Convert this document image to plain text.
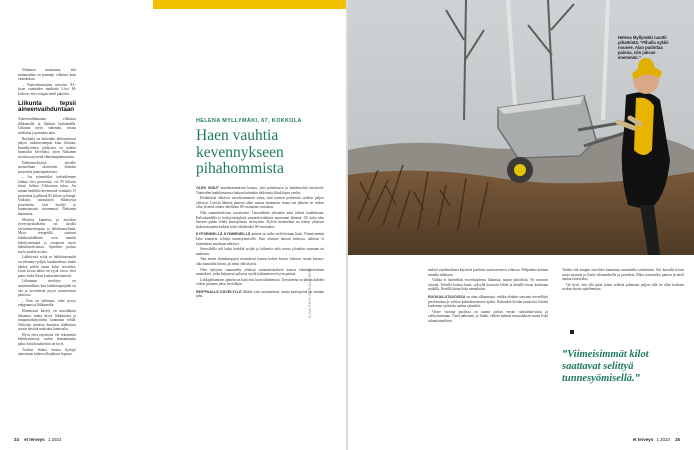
Niskanen muistuttaa, että mittanauhaa on parempi vilkaista kuin vaatekokoa.

– Vaatevalmistajien mitoitus XL-koon vaatteiden merkintä L:ksi M-kokoon, ettei ostajan mieli pahoittu.

Liikunta tepsii aineenvaihduntaan

Aineenvaihduntaan vilkastuu liikkumalla ja lihaksia käyttämällä. Liikunta myös vähentää, nostaa mielialaa ja parantaa unta.

Ruokailu on kuitenkin laihtumisessa paljon ratkaisevampaa kuin liikunta. Ihmediyetteen tuloksiset on todettu huonoiksi keveltiksi, joten Niskanen suosittaa pysyvää elämäntapamuutosta.

Diabeteriskisissä olevalle suositellaan aktiivisten elämien prosenttia painonpudotusta.

– Jos esimerkiksi tarkistilemme laihtua viisi prosenttia, voi 95 kiloista tiiraa, kehtaa 5-kiloisena tuloa. Jos saman henkilön kevennettä voimiäisi 15 prosenttia ja pikkutä 85 kiloon ja lämpä. Vaikutus sairauksien ehkäisyssä prosenttiin, ovat hyödyt jo huomattavasti suuremmat, Niskanen kannustaa.

Monissa kunnissa ja myöskin terveyskeskukselta on tarjolla ravitsemusterapiaa ja laihdutusryhmiä. Myös resepteillä saatavat laihdutuslääkkeet ovat mainitt kehittyneempiä ja suojaavat myös lääkärinvalvontaa. Apteekin pursun myös jotakin avuksi.

Lääkitysttä syöjä se laihdutusvauhti on edennnyt paljon kuukaudessa, mutta näiden pitkin aasaa kohti tavoitetta. Liian kovaa tahtia on syytä varoa, ettei paino laske liikaa kuntaonnistuneesti.

Liikunnan merkitys on suurimmillaan, kun laihdutusprojekti on ohi ja tavoitteena pysyä saavutetussa painossa.

– Kun on laihtunut, tulee pysyy valppaana ja liikkumalla.

Elämäsissä kävely on muodikasta liikuntaa, mutta myös liikkumista ja tasapainoharjoitteita kannattaa tehdä. Nykyisin monissa kunnissa ikäihmiset saavat käyttää maksutta kuntosalia.

Hyvä ettei rajoitteita ole tekemisiin kehittymisessä, mihin elämänkautta paluu kotiolosuhteisiin on hyvä.

Tuohon lisäksi tuntuu hyötyjä ainoastaan kaiken alkujakson lopussa.

HELENA MYLLYMÄKI, 67, KOKKOLA
Haen vauhtia kevennykseen pihahommista

OLEN SINUT maailmanmuistin kanssa, joka painokasvu ja diabetesriski miettyvtä. Vaatteiden hankkimisessa haluan kuitenkin ehdotusta liikakilojen vuoksi.

Keskittävät alkoivat vuosikymmenin sitten, kun naisten perheessä syöttiin paljon yleisesti. Laitoin lähinnä painoni alkoi nousta enemmän, mutta sen jälkeen on vaikea ollut yleensä ottaen oleellinen 80 vuotiaana vesialuon.

Olin suunnittelevana tavoitteena. Tanssitehtää yhtenänä mitä tehtiin kahdeksana. Kalvokaudella jo keskiyrittäjyksiä ympäröivistäinten nuorennut ikäänsä. Oli koko alue hirveen pakko tehdä kuntopiinoin terveyteen. Kylvöt menetelmä on tehnyt yhteisen kokonaisuuden kaikkia töitä välittäväksi 80-vuotiaaksi.

KYPSEMMILLÄ KYMMENEILLÄ painoa on tullut vielä hieman lisää. Viimeisimmät kilot saattavat selittyä tunnesyömisellä. Kun olimme tanssin tiedossa, tuloksia ei kuitenkaan juurikaan näkynyt.

Stressilöille tuli kaksi herkkiä syöjää ja hiilareita sekä sortua johonkin suuntaan tai makeaan.

Tein ennen elämäntapojen muutoksen kanssa kolme kertaa viikossa, mutta korona-aika kuntatilat kiinni, jäi tämä välistä pois.

Olen nykyisin suunniteltu yhdessä sairauskeskuksen kanssa elämänkertoimen muutokset, jotka kelpaavat jatkossa syödä laihtumiseen hyvin painoa.

Lukkijatkamisen ajattelu on kuin ensi kuun tähtäimissä. Tavoitteena on jaksaa kahden viikon pituinen jakso kerrallaan.

REIPPAALLE KÄVELYLLE lähden vain satunnaisesti, mutta kuntopyörä on sentään piha.	KUVA PÄIVI KARJALAINEN
Helena Myllymäki nauttii pihatöistä. ”Pihalla sykkii nousee. Alan pudottaa painoa, niin jaksan enemmän.”

melotä vuodenaikana käytössä puolisen tuntia monesti viikossa. Pelipolana kannan samalla telkkaria.

Vaikka ei haetteäkäs vuorokaudessa liikuntaa, nautin pihatöistä. Ne nostavat sykettä. Talvella kolaan lunta, syksyllä haravoin lehtiä ja kesällä rissan kotimaan mökillä. Kesällä laitan lisää nurmikoksi.

RUOKAILUTAVOISSA on aina vilkaamista, vaikka olenkin suosinut terveellistä perusruokaa jo valtion kaksinkertaisesti ajaksi. Kuitenkin levitän juustoista lehtien kuoleman syötävän raakaa salaatiksi.

Viime vuosina puolisoa on saanut jonkin verran ruokailutavoissa ja valikoinnistaan. Tästä jatketaan, ja lisään, välttää makeat naisuoluksen mutta lisää salaattiaineiksen.

Tiedän että kaupan ostoslista kannattaa suunnitella tarkemmin. Siis kassalla kovaa ravaa sijaintia ja lisäisi vihannekselle ja juureksia. Ehkä toistaiseksi painon ja mieli naulaa toimivaksi.

On hyvä, että yllä pitää jotain selkeää puhutaan paljon sillä en ollut koskaan ruokaa täysin ajattelematta.

”Viimeisimmät kilot saattavat selittyä tunnesyömisellä.”
24 et terveys 1 2023	et terveys 1 2023 25
